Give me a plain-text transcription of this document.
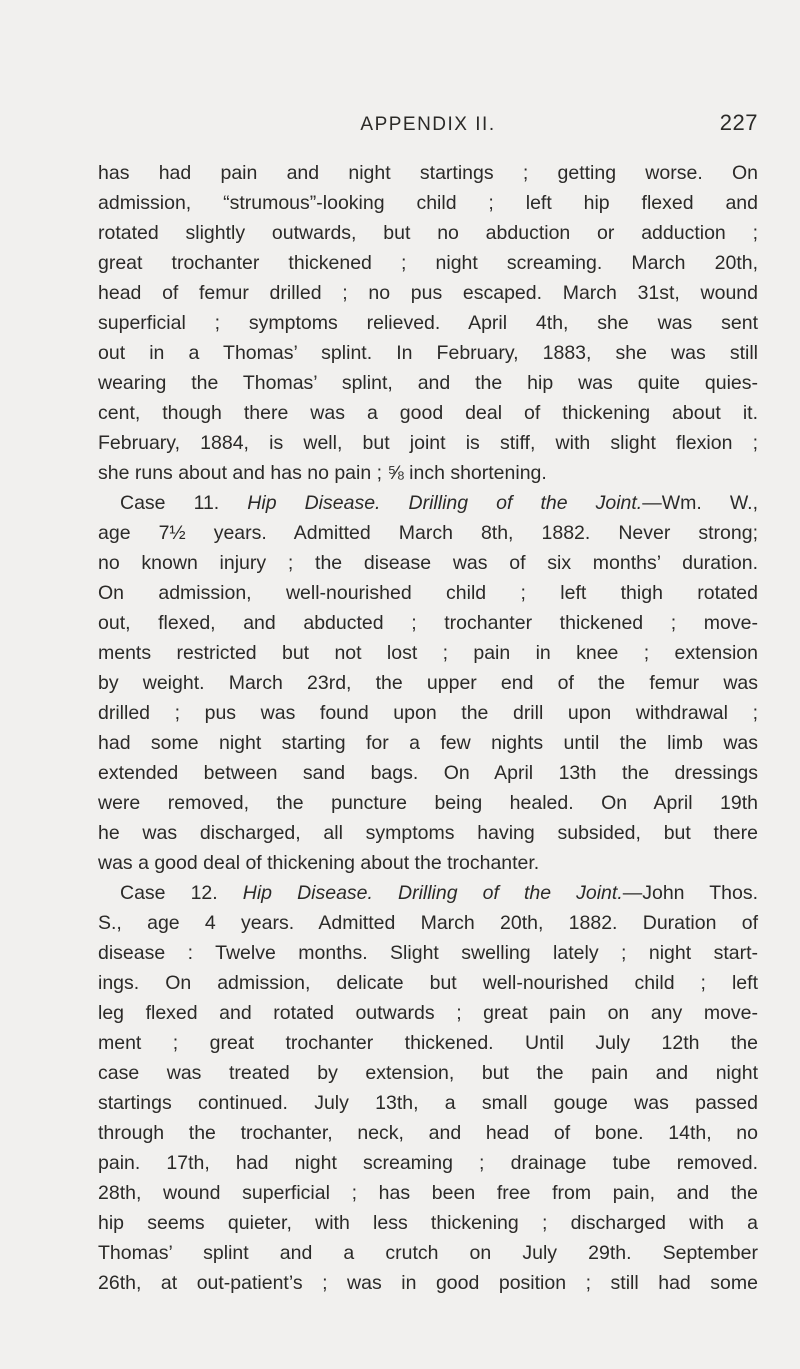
APPENDIX II.	227
has had pain and night startings ; getting worse. On
admission, “strumous”-looking child ; left hip flexed and
rotated slightly outwards, but no abduction or adduction ;
great trochanter thickened ; night screaming. March 20th,
head of femur drilled ; no pus escaped. March 31st, wound
superficial ; symptoms relieved. April 4th, she was sent
out in a Thomas’ splint. In February, 1883, she was still
wearing the Thomas’ splint, and the hip was quite quies-
cent, though there was a good deal of thickening about it.
February, 1884, is well, but joint is stiff, with slight flexion ;
she runs about and has no pain ; ⅝ inch shortening.
Case 11. Hip Disease. Drilling of the Joint.—Wm. W.,
age 7½ years. Admitted March 8th, 1882. Never strong;
no known injury ; the disease was of six months’ duration.
On admission, well-nourished child ; left thigh rotated
out, flexed, and abducted ; trochanter thickened ; move-
ments restricted but not lost ; pain in knee ; extension
by weight. March 23rd, the upper end of the femur was
drilled ; pus was found upon the drill upon withdrawal ;
had some night starting for a few nights until the limb was
extended between sand bags. On April 13th the dressings
were removed, the puncture being healed. On April 19th
he was discharged, all symptoms having subsided, but there
was a good deal of thickening about the trochanter.
Case 12. Hip Disease. Drilling of the Joint.—John Thos.
S., age 4 years. Admitted March 20th, 1882. Duration of
disease : Twelve months. Slight swelling lately ; night start-
ings. On admission, delicate but well-nourished child ; left
leg flexed and rotated outwards ; great pain on any move-
ment ; great trochanter thickened. Until July 12th the
case was treated by extension, but the pain and night
startings continued. July 13th, a small gouge was passed
through the trochanter, neck, and head of bone. 14th, no
pain. 17th, had night screaming ; drainage tube removed.
28th, wound superficial ; has been free from pain, and the
hip seems quieter, with less thickening ; discharged with a
Thomas’ splint and a crutch on July 29th. September
26th, at out-patient’s ; was in good position ; still had some
